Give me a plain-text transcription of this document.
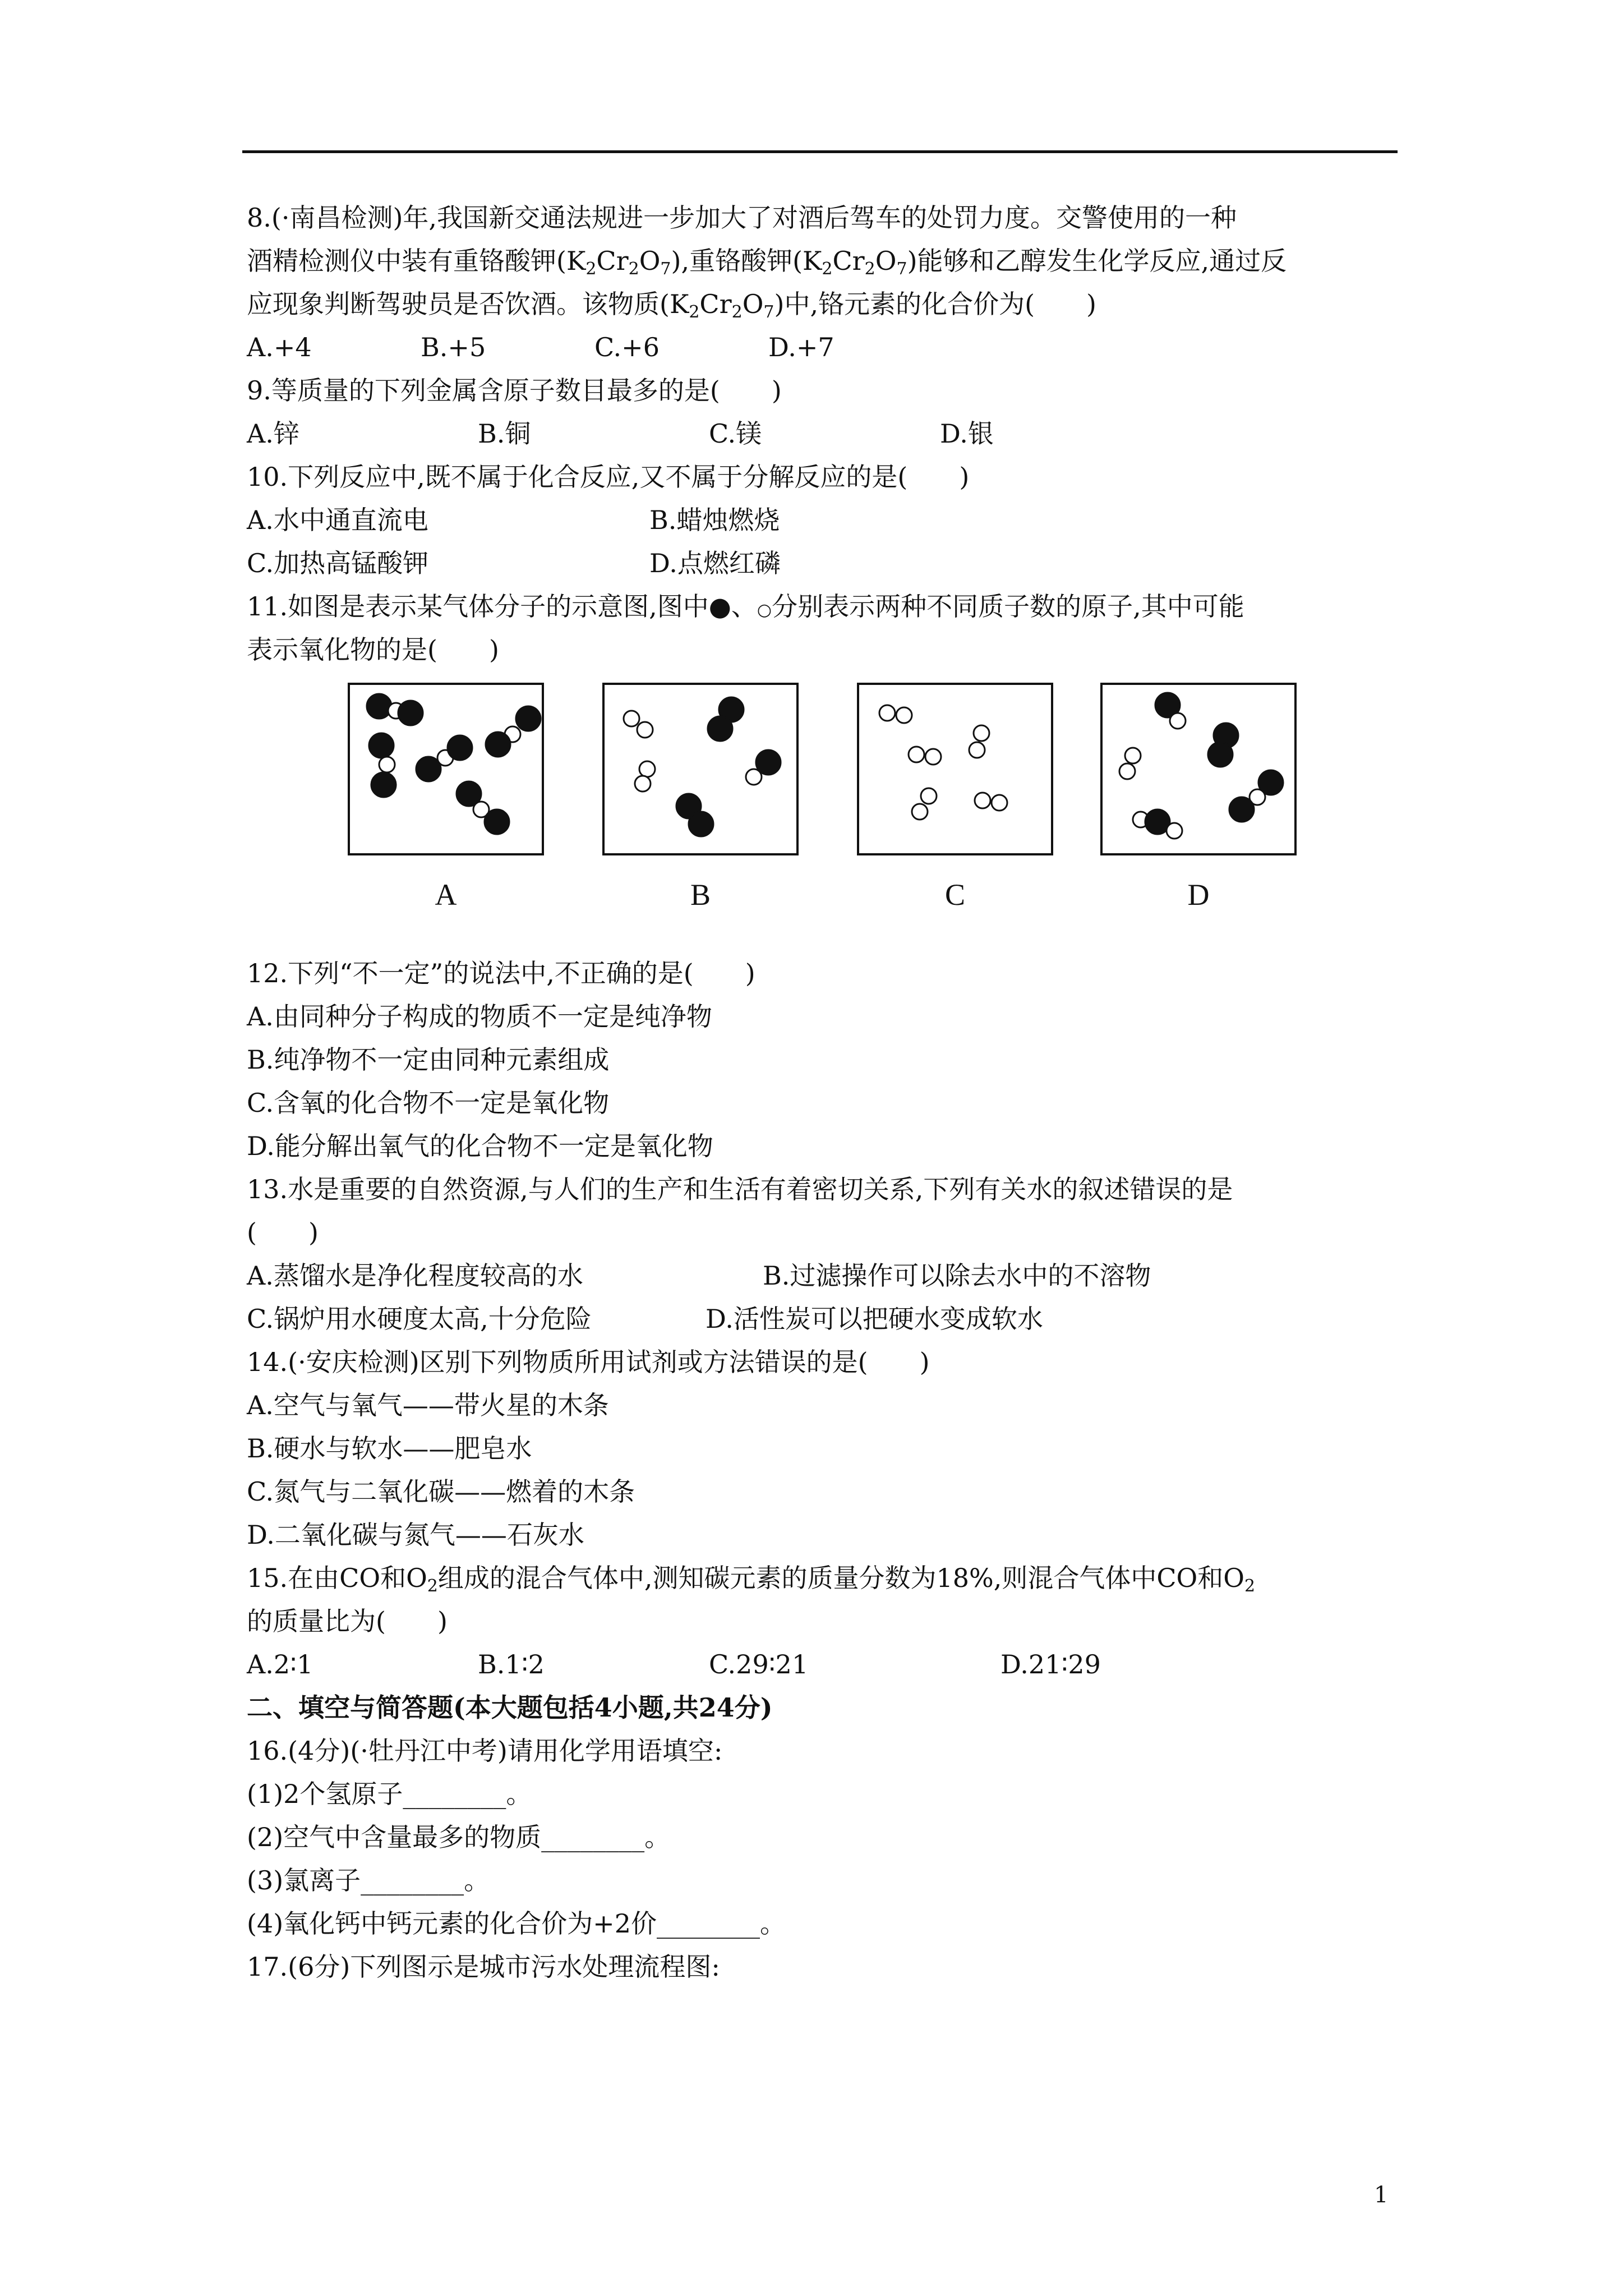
8.(·南昌检测)年,我国新交通法规进一步加大了对酒后驾车的处罚力度。交警使用的一种
酒精检测仪中装有重铬酸钾$(K_2Cr_2O_7)$,重铬酸钾$(K_2Cr_2O_7)$能够和乙醇发生化学反应,通过反
应现象判断驾驶员是否饮酒。该物质$(K_2Cr_2O_7)$中,铬元素的化合价为(　　)
A.+4	B.+5	C.+6	D.+7
9.等质量的下列金属含原子数目最多的是(　　)
A.锌	B.铜	C.镁	D.银
10.下列反应中,既不属于化合反应,又不属于分解反应的是(　　)
A.水中通直流电	B.蜡烛燃烧
C.加热高锰酸钾	D.点燃红磷
11.如图是表示某气体分子的示意图,图中●、○分别表示两种不同质子数的原子,其中可能
表示氧化物的是(　　)
A	B	C	D
12.下列“不一定”的说法中,不正确的是(　　)
A.由同种分子构成的物质不一定是纯净物
B.纯净物不一定由同种元素组成
C.含氧的化合物不一定是氧化物
D.能分解出氧气的化合物不一定是氧化物
13.水是重要的自然资源,与人们的生产和生活有着密切关系,下列有关水的叙述错误的是
(　　)
A.蒸馏水是净化程度较高的水	B.过滤操作可以除去水中的不溶物
C.锅炉用水硬度太高,十分危险	D.活性炭可以把硬水变成软水
14.(·安庆检测)区别下列物质所用试剂或方法错误的是(　　)
A.空气与氧气——带火星的木条
B.硬水与软水——肥皂水
C.氮气与二氧化碳——燃着的木条
D.二氧化碳与氮气——石灰水
15.在由CO和$O_2$组成的混合气体中,测知碳元素的质量分数为18%,则混合气体中CO和$O_2$
的质量比为(　　)
A.2∶1	B.1∶2	C.29∶21	D.21∶29
二、填空与简答题(本大题包括4小题,共24分)
16.(4分)(·牡丹江中考)请用化学用语填空:
(1)2个氢原子________。
(2)空气中含量最多的物质________。
(3)氯离子________。
(4)氧化钙中钙元素的化合价为+2价________。
17.(6分)下列图示是城市污水处理流程图:
1
